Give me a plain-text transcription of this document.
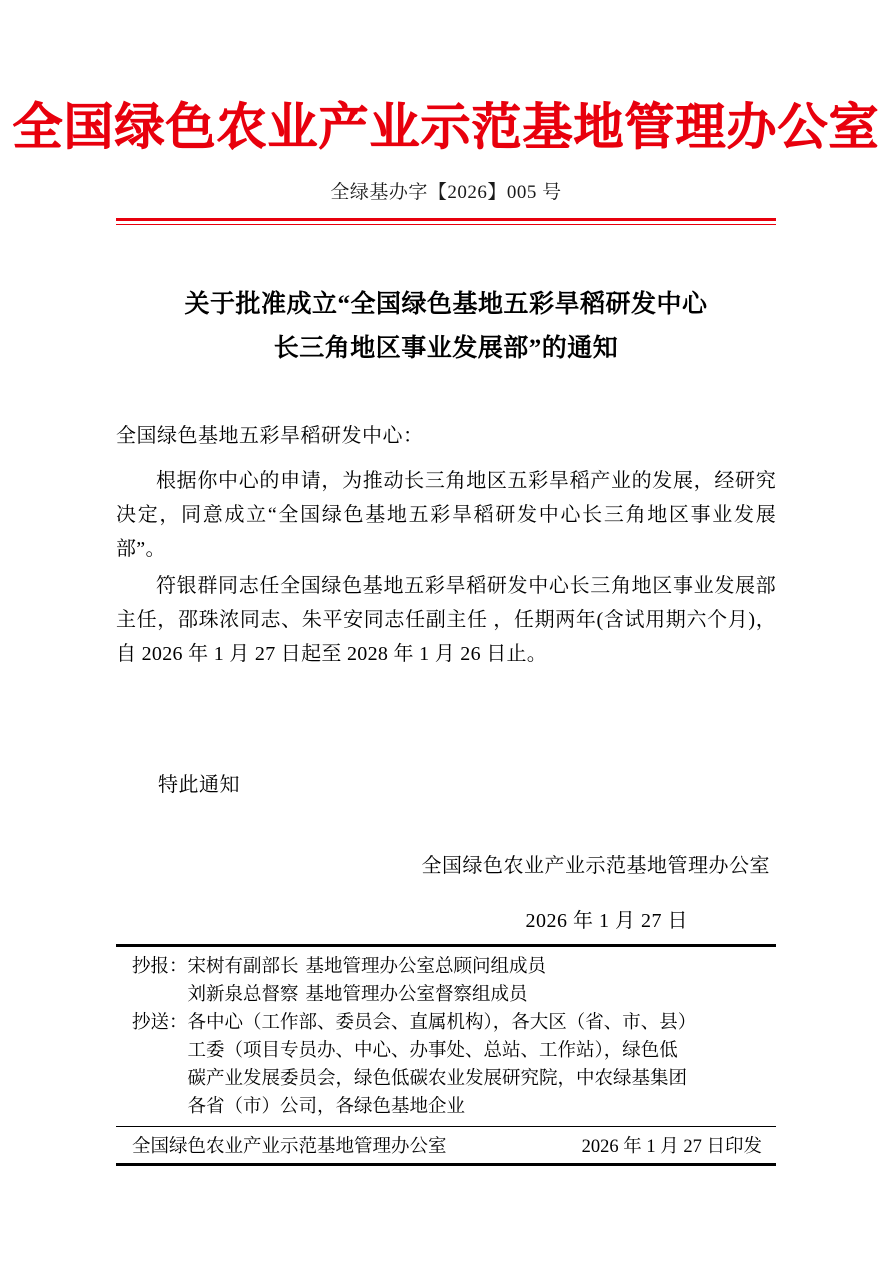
全国绿色农业产业示范基地管理办公室
全绿基办字【2026】005 号
关于批准成立“全国绿色基地五彩旱稻研发中心
长三角地区事业发展部”的通知
全国绿色基地五彩旱稻研发中心：
根据你中心的申请，为推动长三角地区五彩旱稻产业的发展，经研究决定，同意成立“全国绿色基地五彩旱稻研发中心长三角地区事业发展部”。
符银群同志任全国绿色基地五彩旱稻研发中心长三角地区事业发展部主任，邵珠浓同志、朱平安同志任副主任 ，任期两年(含试用期六个月)，自 2026 年 1 月 27 日起至 2028 年 1 月 26 日止。
特此通知
全国绿色农业产业示范基地管理办公室
2026 年 1 月 27 日
抄报： 宋树有副部长 基地管理办公室总顾问组成员
刘新泉总督察 基地管理办公室督察组成员
抄送： 各中心（工作部、委员会、直属机构），各大区（省、市、县）
工委（项目专员办、中心、办事处、总站、工作站），绿色低
碳产业发展委员会，绿色低碳农业发展研究院，中农绿基集团
各省（市）公司，各绿色基地企业
全国绿色农业产业示范基地管理办公室	2026 年 1 月 27 日印发
